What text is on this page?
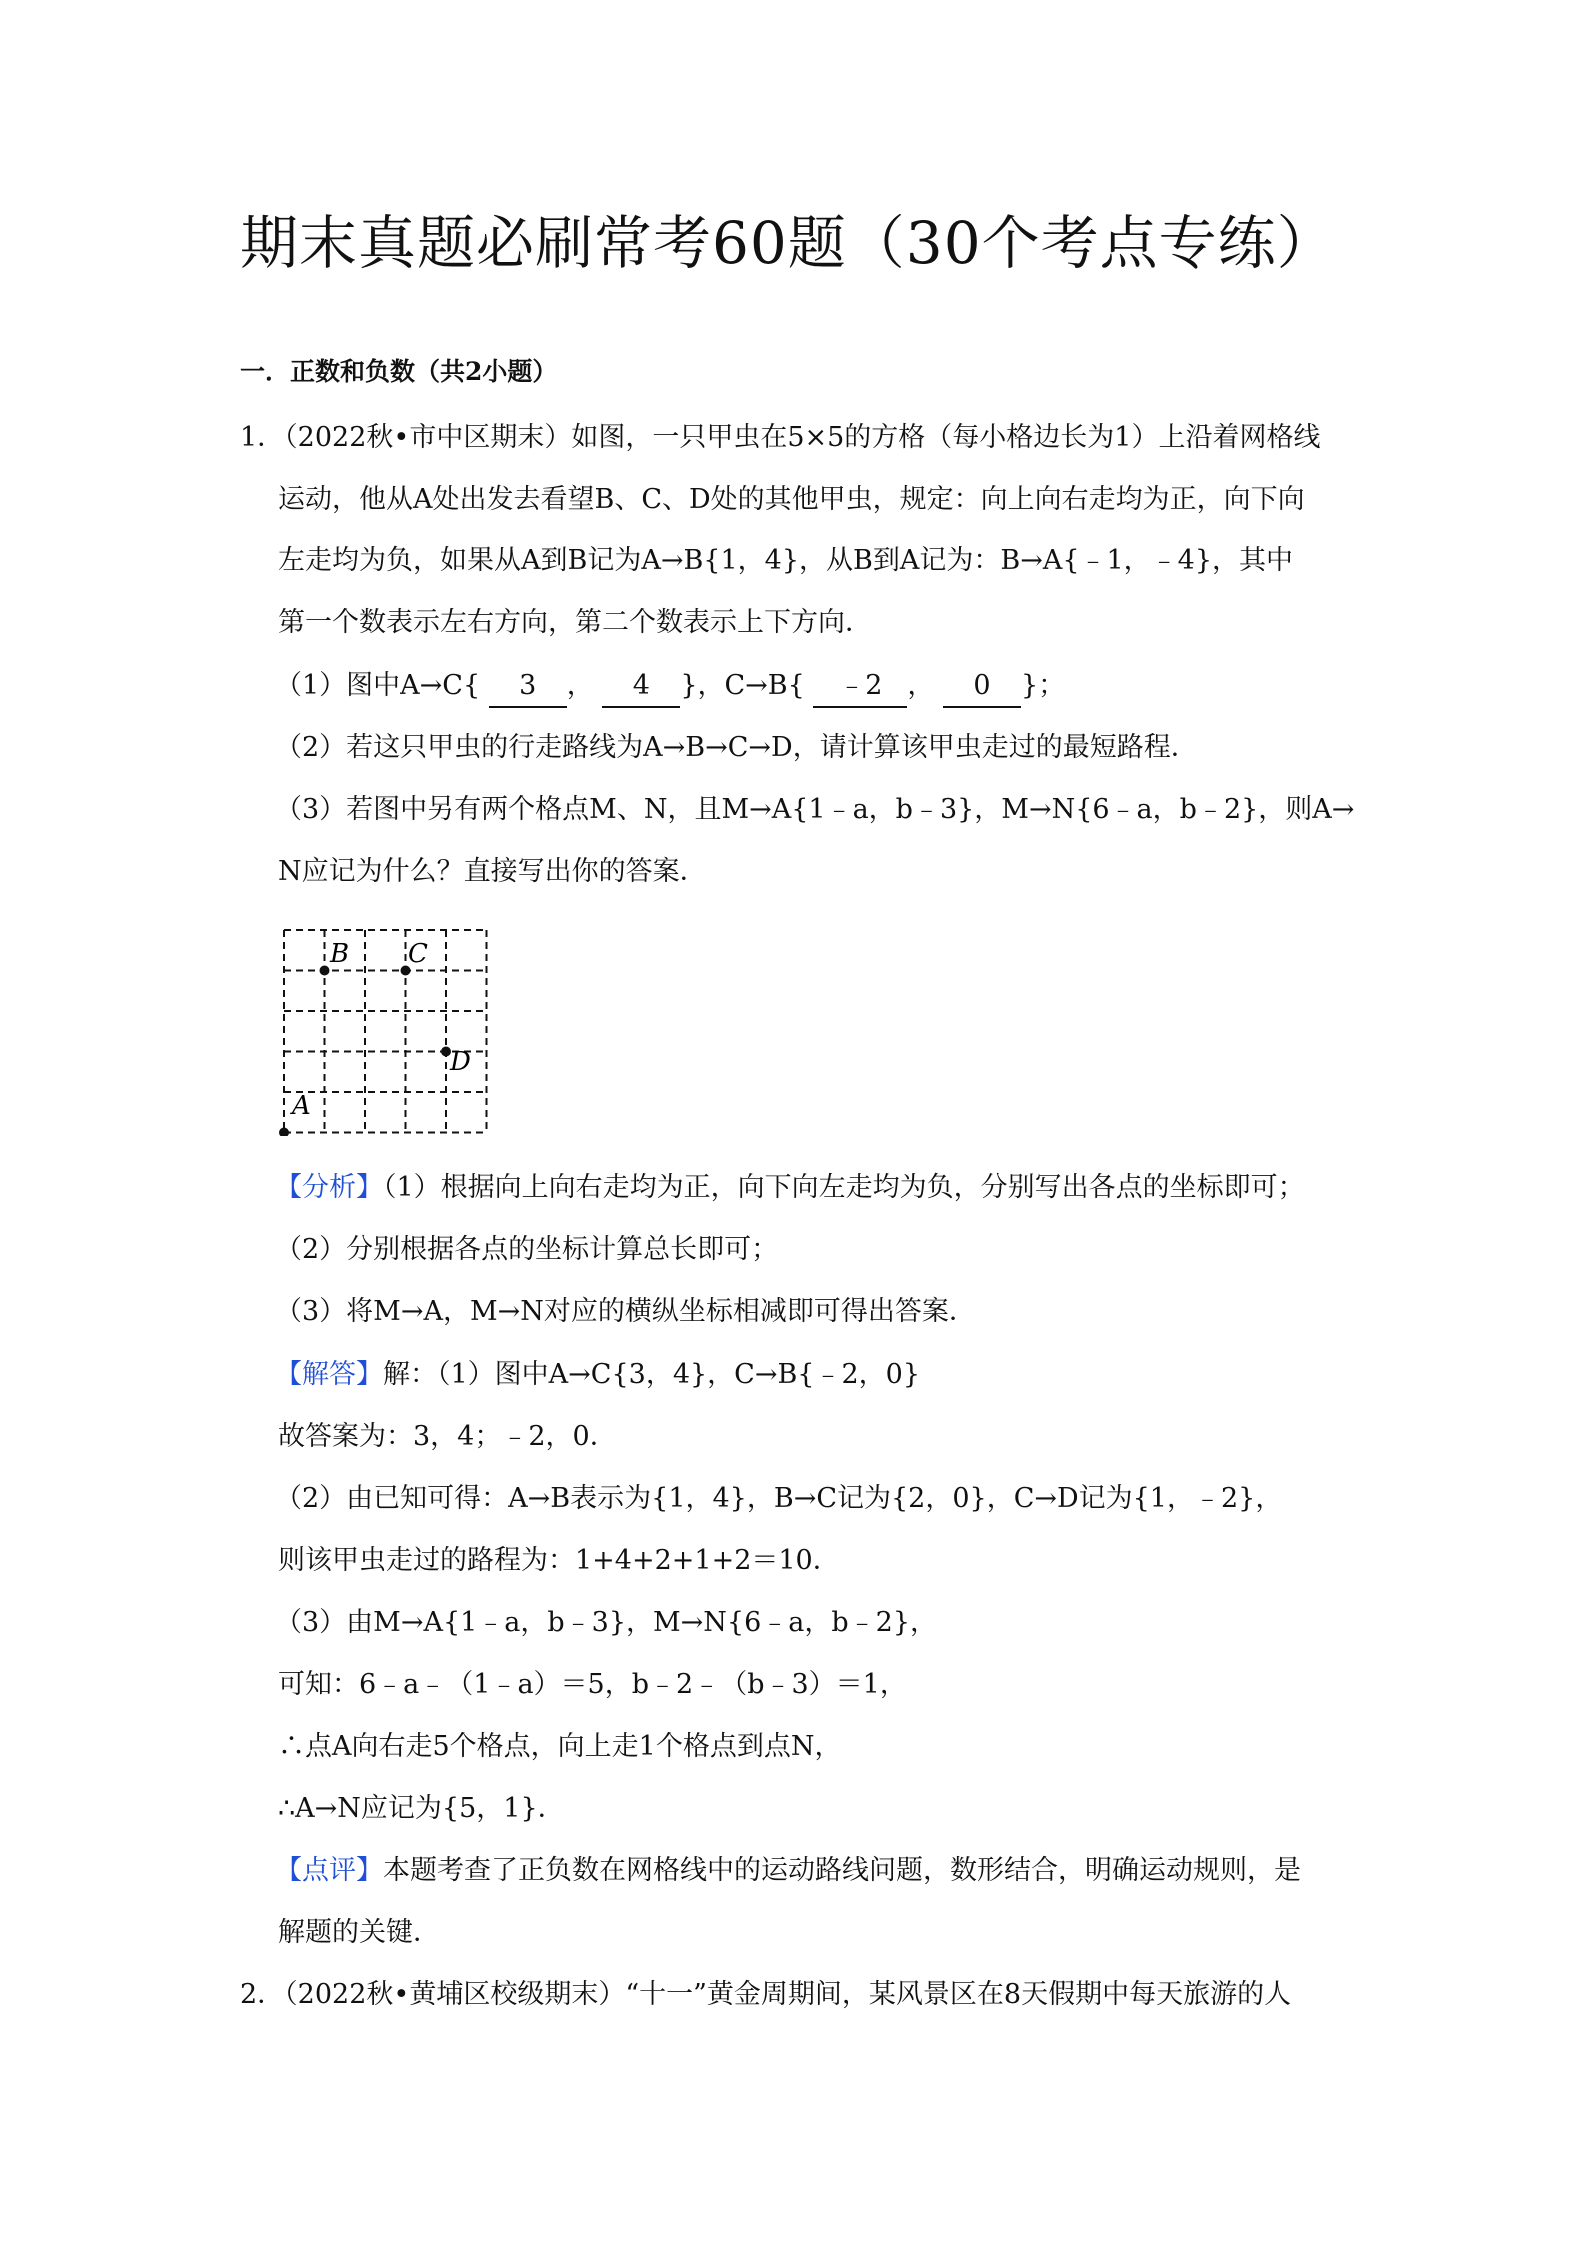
期末真题必刷常考60题（30个考点专练）
一．正数和负数（共2小题）
1．（2022秋•市中区期末）如图，一只甲虫在5×5的方格（每小格边长为1）上沿着网格线
运动，他从A处出发去看望B、C、D处的其他甲虫，规定：向上向右走均为正，向下向
左走均为负，如果从A到B记为A→B{1，4}，从B到A记为：B→A{﹣1，﹣4}，其中
第一个数表示左右方向，第二个数表示上下方向．
（1）图中A→C{ 3 ， 4 }，C→B{ ﹣2 ， 0 }；
（2）若这只甲虫的行走路线为A→B→C→D，请计算该甲虫走过的最短路程．
（3）若图中另有两个格点M、N，且M→A{1﹣a，b﹣3}，M→N{6﹣a，b﹣2}，则A→
N应记为什么？直接写出你的答案．
B C
D
A
【分析】（1）根据向上向右走均为正，向下向左走均为负，分别写出各点的坐标即可；
（2）分别根据各点的坐标计算总长即可；
（3）将M→A，M→N对应的横纵坐标相减即可得出答案．
【解答】解：（1）图中A→C{3，4}，C→B{﹣2，0}
故答案为：3，4；﹣2，0．
（2）由已知可得：A→B表示为{1，4}，B→C记为{2，0}，C→D记为{1，﹣2}，
则该甲虫走过的路程为：1+4+2+1+2＝10．
（3）由M→A{1﹣a，b﹣3}，M→N{6﹣a，b﹣2}，
可知：6﹣a﹣（1﹣a）＝5，b﹣2﹣（b﹣3）＝1，
∴点A向右走5个格点，向上走1个格点到点N，
∴A→N应记为{5，1}．
【点评】本题考查了正负数在网格线中的运动路线问题，数形结合，明确运动规则，是
解题的关键．
2．（2022秋•黄埔区校级期末）“十一”黄金周期间，某风景区在8天假期中每天旅游的人
